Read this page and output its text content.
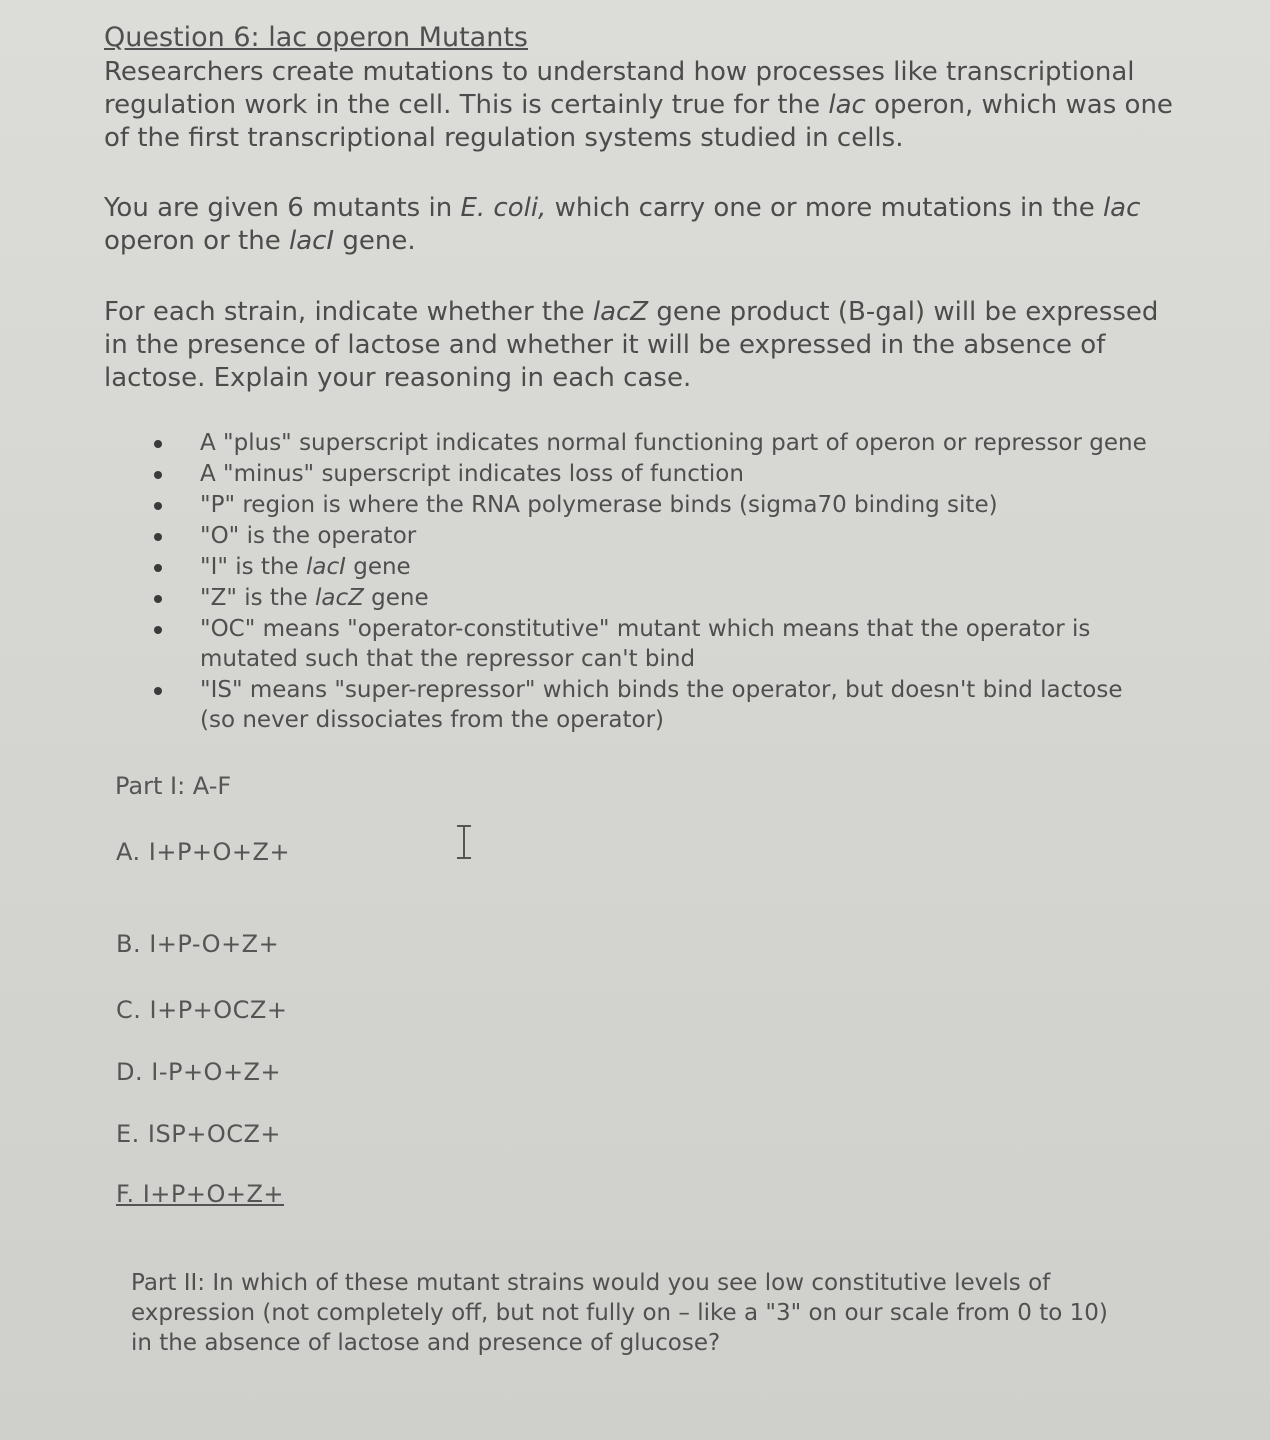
Question 6: lac operon Mutants

Researchers create mutations to understand how processes like transcriptional regulation work in the cell. This is certainly true for the lac operon, which was one of the first transcriptional regulation systems studied in cells.

You are given 6 mutants in E. coli, which carry one or more mutations in the lac operon or the lacI gene.

For each strain, indicate whether the lacZ gene product (B-gal) will be expressed in the presence of lactose and whether it will be expressed in the absence of lactose. Explain your reasoning in each case.

A "plus" superscript indicates normal functioning part of operon or repressor gene
A "minus" superscript indicates loss of function
"P" region is where the RNA polymerase binds (sigma70 binding site)
"O" is the operator
"I" is the lacI gene
"Z" is the lacZ gene
"OC" means "operator-constitutive" mutant which means that the operator is mutated such that the repressor can't bind
"IS" means "super-repressor" which binds the operator, but doesn't bind lactose (so never dissociates from the operator)

Part I: A-F

A. I+P+O+Z+

B. I+P-O+Z+

C. I+P+OCZ+

D. I-P+O+Z+

E. ISP+OCZ+

F. I+P+O+Z+

Part II: In which of these mutant strains would you see low constitutive levels of expression (not completely off, but not fully on – like a "3" on our scale from 0 to 10) in the absence of lactose and presence of glucose?
